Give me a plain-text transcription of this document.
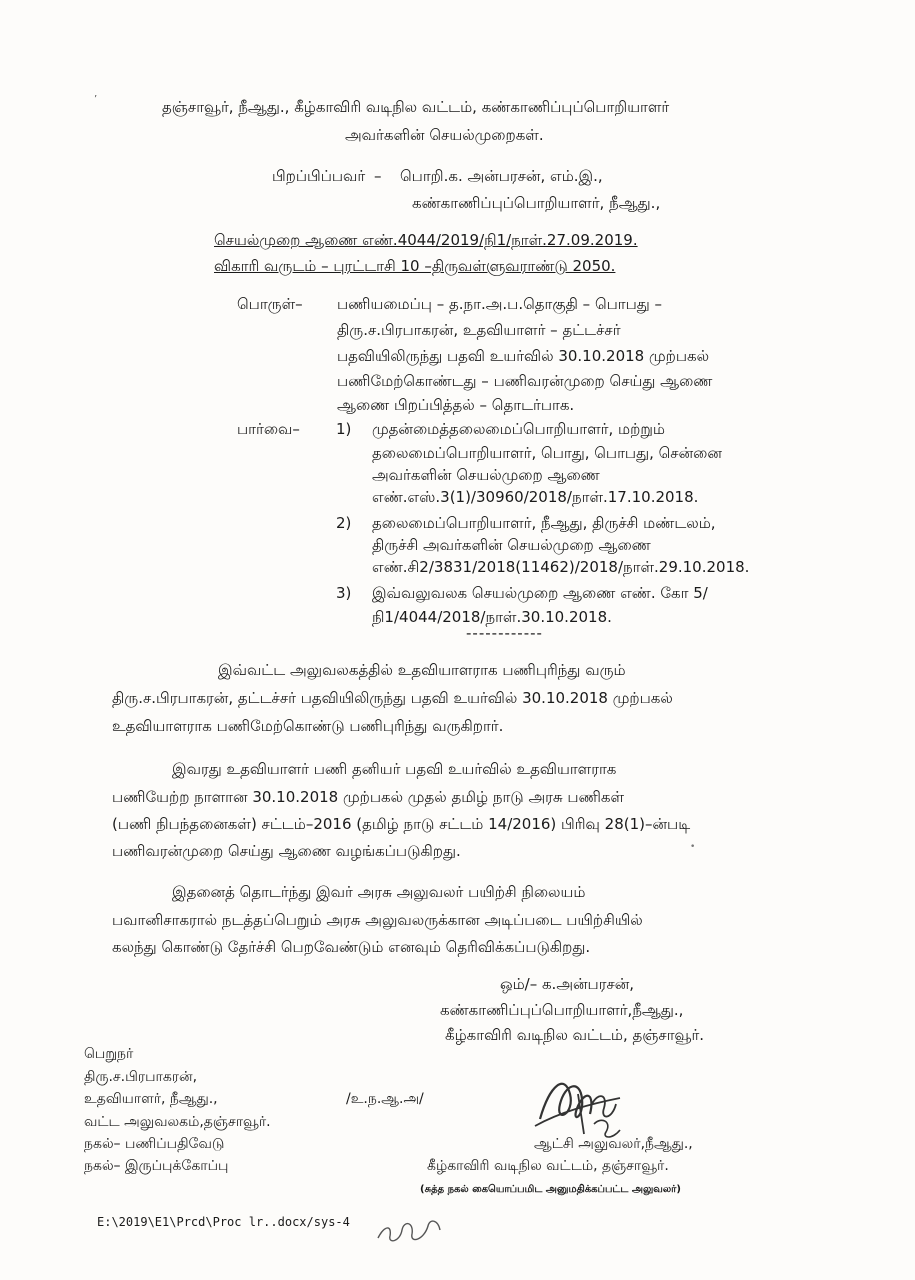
தஞ்சாவூர், நீஆது., கீழ்காவிரி வடிநில வட்டம், கண்காணிப்புப்பொறியாளர்
அவர்களின் செயல்முறைகள்.
பிறப்பிப்பவர் – பொறி.க. அன்பரசன், எம்.இ.,
கண்காணிப்புப்பொறியாளர், நீஆது.,
செயல்முறை ஆணை எண்.4044/2019/நி1/நாள்.27.09.2019.
விகாரி வருடம் – புரட்டாசி 10 –திருவள்ளுவராண்டு 2050.
பொருள்– பணியமைப்பு – த.நா.அ.ப.தொகுதி – பொபது –
திரு.ச.பிரபாகரன், உதவியாளர் – தட்டச்சர்
பதவியிலிருந்து பதவி உயர்வில் 30.10.2018 முற்பகல்
பணிமேற்கொண்டது – பணிவரன்முறை செய்து ஆணை
ஆணை பிறப்பித்தல் – தொடர்பாக.
பார்வை– 1) முதன்மைத்தலைமைப்பொறியாளர், மற்றும்
தலைமைப்பொறியாளர், பொது, பொபது, சென்னை
அவர்களின் செயல்முறை ஆணை
எண்.எஸ்.3(1)/30960/2018/நாள்.17.10.2018.
2) தலைமைப்பொறியாளர், நீஆது, திருச்சி மண்டலம்,
திருச்சி அவர்களின் செயல்முறை ஆணை
எண்.சி2/3831/2018(11462)/2018/நாள்.29.10.2018.
3) இவ்வலுவலக செயல்முறை ஆணை எண். கோ 5/
நி1/4044/2018/நாள்.30.10.2018.
------------
இவ்வட்ட அலுவலகத்தில் உதவியாளராக பணிபுரிந்து வரும்
திரு.ச.பிரபாகரன், தட்டச்சர் பதவியிலிருந்து பதவி உயர்வில் 30.10.2018 முற்பகல்
உதவியாளராக பணிமேற்கொண்டு பணிபுரிந்து வருகிறார்.
இவரது உதவியாளர் பணி தனியர் பதவி உயர்வில் உதவியாளராக
பணியேற்ற நாளான 30.10.2018 முற்பகல் முதல் தமிழ் நாடு அரசு பணிகள்
(பணி நிபந்தனைகள்) சட்டம்–2016 (தமிழ் நாடு சட்டம் 14/2016) பிரிவு 28(1)–ன்படி
பணிவரன்முறை செய்து ஆணை வழங்கப்படுகிறது.
இதனைத் தொடர்ந்து இவர் அரசு அலுவலர் பயிற்சி நிலையம்
பவானிசாகரால் நடத்தப்பெறும் அரசு அலுவலருக்கான அடிப்படை பயிற்சியில்
கலந்து கொண்டு தேர்ச்சி பெறவேண்டும் எனவும் தெரிவிக்கப்படுகிறது.
ஒம்/– க.அன்பரசன்,
கண்காணிப்புப்பொறியாளர்,நீஆது.,
கீழ்காவிரி வடிநில வட்டம், தஞ்சாவூர்.
பெறுநர்
திரு.ச.பிரபாகரன்,
உதவியாளர், நீஆது.,
வட்ட அலுவலகம்,தஞ்சாவூர்.
நகல்– பணிப்பதிவேடு
நகல்– இருப்புக்கோப்பு
/உ.ந.ஆ.அ/
ஆட்சி அலுவலர்,நீஆது.,
கீழ்காவிரி வடிநில வட்டம், தஞ்சாவூர்.
(சுத்த நகல் கையொப்பமிட அனுமதிக்கப்பட்ட அலுவலர்)
E:\2019\E1\Prcd\Proc lr..docx/sys-4
’
•
